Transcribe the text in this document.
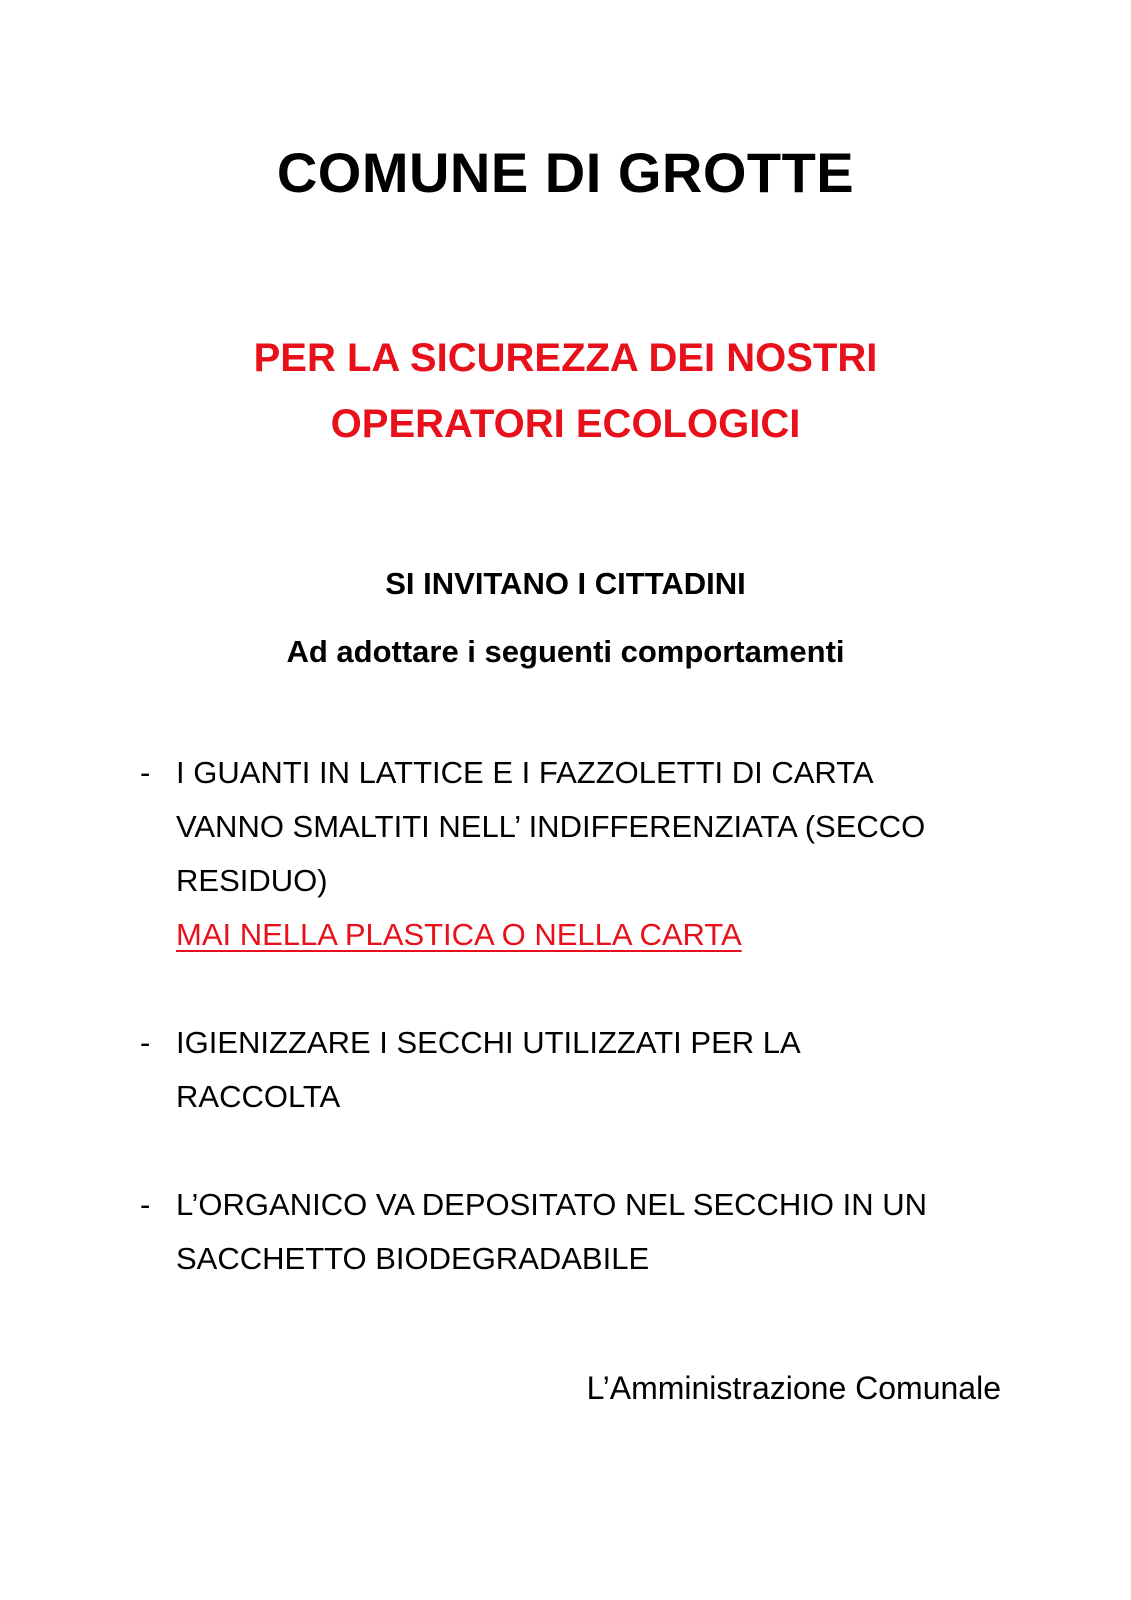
COMUNE DI GROTTE
PER LA SICUREZZA DEI NOSTRI
OPERATORI ECOLOGICI
SI INVITANO I CITTADINI
Ad adottare i seguenti comportamenti
- I GUANTI IN LATTICE E I FAZZOLETTI DI CARTA
VANNO SMALTITI NELL’ INDIFFERENZIATA (SECCO
RESIDUO)
MAI NELLA PLASTICA O NELLA CARTA
- IGIENIZZARE I SECCHI UTILIZZATI PER LA
RACCOLTA
- L’ORGANICO VA DEPOSITATO NEL SECCHIO IN UN
SACCHETTO BIODEGRADABILE
L’Amministrazione Comunale
